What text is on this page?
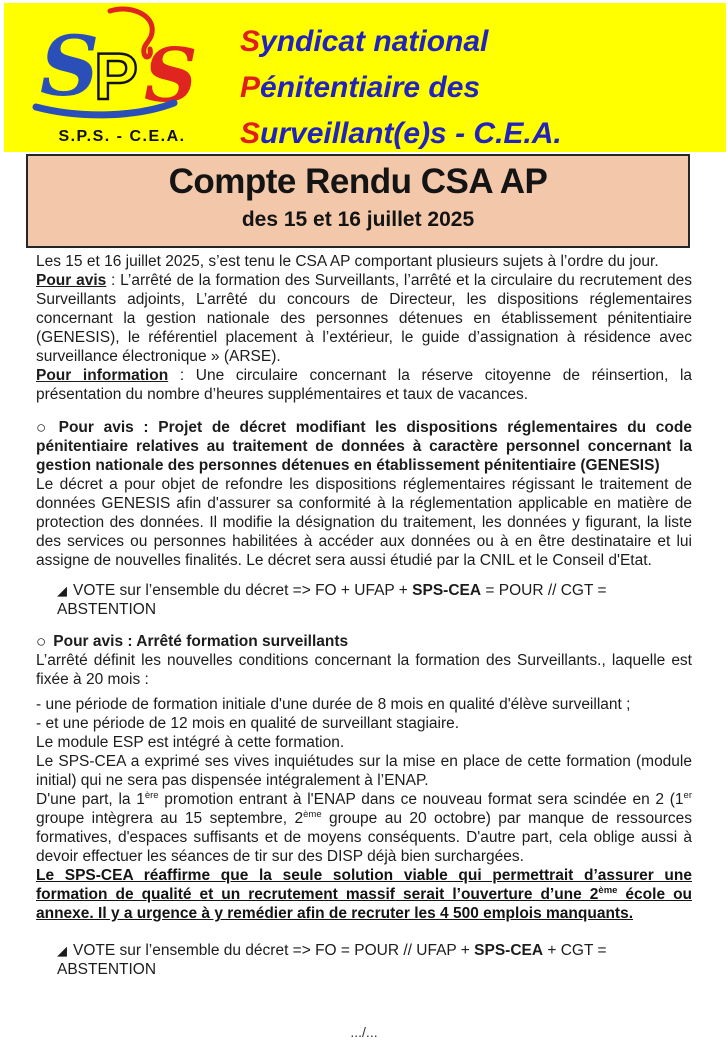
S
P S
S.P.S. - C.E.A.
Syndicat national
Pénitentiaire des
Surveillant(e)s - C.E.A.
Compte Rendu CSA AP
des 15 et 16 juillet 2025

Les 15 et 16 juillet 2025, s’est tenu le CSA AP comportant plusieurs sujets à l’ordre du jour.

Pour avis : L’arrêté de la formation des Surveillants, l’arrêté et la circulaire du recrutement des Surveillants adjoints, L’arrêté du concours de Directeur, les dispositions réglementaires concernant la gestion nationale des personnes détenues en établissement pénitentiaire (GENESIS), le référentiel placement à l’extérieur, le guide d’assignation à résidence avec surveillance électronique » (ARSE).
Pour information : Une circulaire concernant la réserve citoyenne de réinsertion, la présentation du nombre d’heures supplémentaires et taux de vacances.

○ Pour avis : Projet de décret modifiant les dispositions réglementaires du code pénitentiaire relatives au traitement de données à caractère personnel concernant la gestion nationale des personnes détenues en établissement pénitentiaire (GENESIS)

Le décret a pour objet de refondre les dispositions réglementaires régissant le traitement de données GENESIS afin d'assurer sa conformité à la réglementation applicable en matière de protection des données. Il modifie la désignation du traitement, les données y figurant, la liste des services ou personnes habilitées à accéder aux données ou à en être destinataire et lui assigne de nouvelles finalités. Le décret sera aussi étudié par la CNIL et le Conseil d'Etat.

◢ VOTE sur l’ensemble du décret => FO + UFAP + SPS-CEA = POUR // CGT = ABSTENTION
○ Pour avis : Arrêté formation surveillants

L’arrêté définit les nouvelles conditions concernant la formation des Surveillants., laquelle est fixée à 20 mois :

- une période de formation initiale d'une durée de 8 mois en qualité d'élève surveillant ;
- et une période de 12 mois en qualité de surveillant stagiaire.

Le module ESP est intégré à cette formation.

Le SPS-CEA a exprimé ses vives inquiétudes sur la mise en place de cette formation (module initial) qui ne sera pas dispensée intégralement à l’ENAP.
D'une part, la 1ère promotion entrant à l'ENAP dans ce nouveau format sera scindée en 2 (1er groupe intègrera au 15 septembre, 2ème groupe au 20 octobre) par manque de ressources formatives, d'espaces suffisants et de moyens conséquents. D'autre part, cela oblige aussi à devoir effectuer les séances de tir sur des DISP déjà bien surchargées.

Le SPS-CEA réaffirme que la seule solution viable qui permettrait d’assurer une formation de qualité et un recrutement massif serait l’ouverture d’une 2ème école ou annexe. Il y a urgence à y remédier afin de recruter les 4 500 emplois manquants.

◢ VOTE sur l’ensemble du décret => FO = POUR // UFAP + SPS-CEA + CGT = ABSTENTION
.../...
